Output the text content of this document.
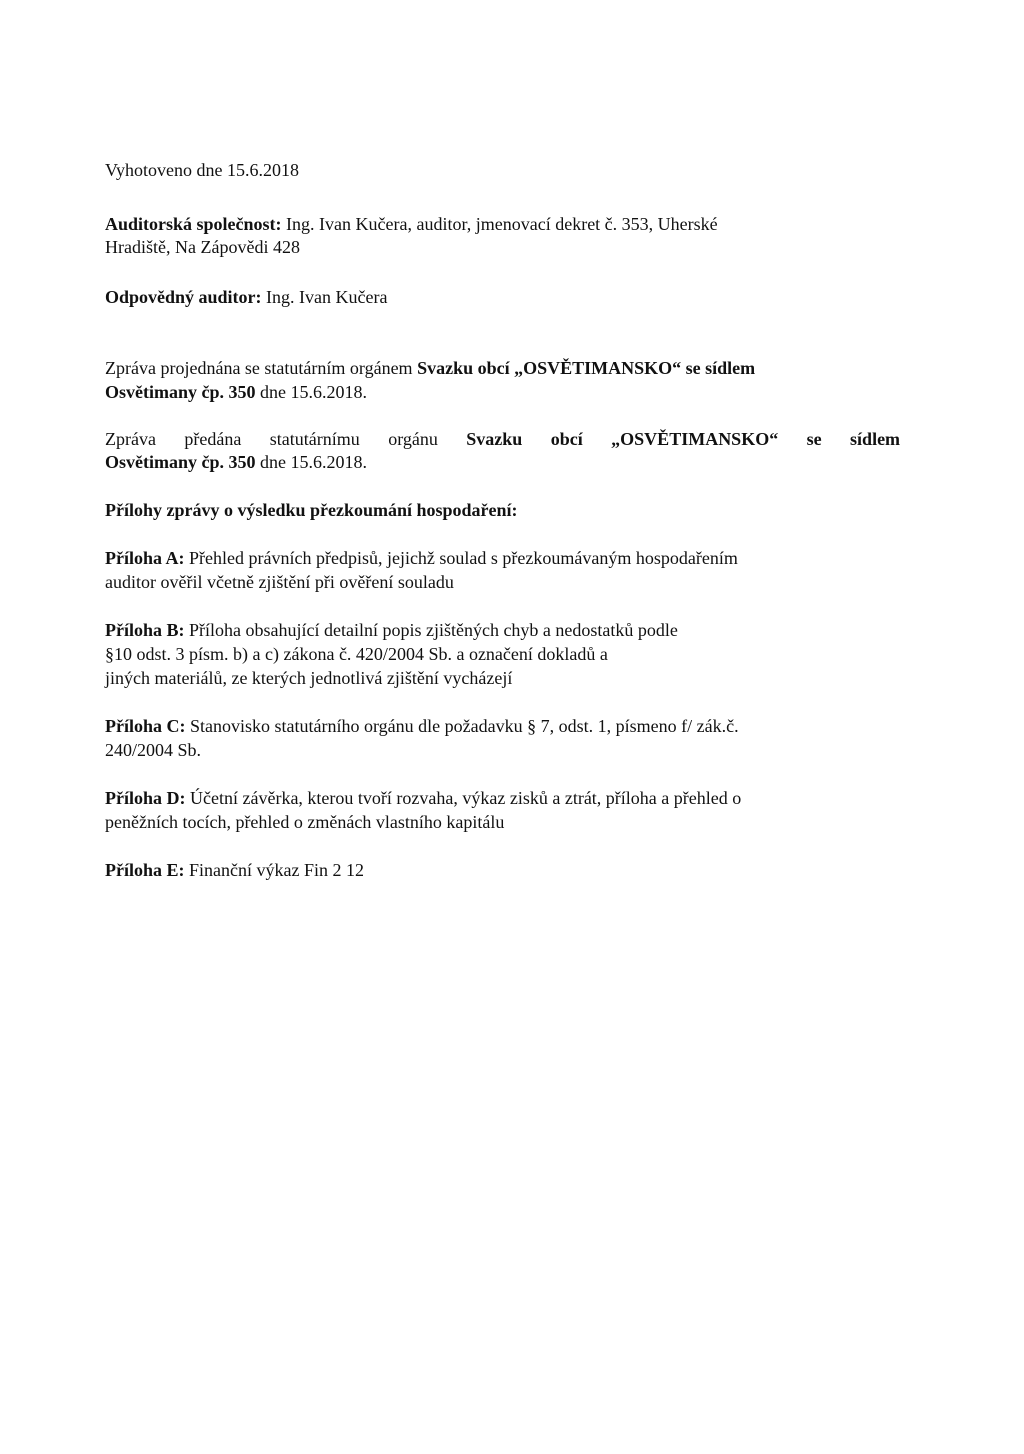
Vyhotoveno dne 15.6.2018
Auditorská společnost: Ing. Ivan Kučera, auditor, jmenovací dekret č. 353, Uherské
Hradiště, Na Zápovědi 428
Odpovědný auditor: Ing. Ivan Kučera
Zpráva projednána se statutárním orgánem Svazku obcí „OSVĚTIMANSKO“ se sídlem
Osvětimany čp. 350 dne 15.6.2018.
Zpráva předána statutárnímu orgánu Svazku obcí „OSVĚTIMANSKO“ se sídlem
Osvětimany čp. 350 dne 15.6.2018.
Přílohy zprávy o výsledku přezkoumání hospodaření:
Příloha A: Přehled právních předpisů, jejichž soulad s přezkoumávaným hospodařením
auditor ověřil včetně zjištění při ověření souladu
Příloha B: Příloha obsahující detailní popis zjištěných chyb a nedostatků podle
§10 odst. 3 písm. b) a c) zákona č. 420/2004 Sb. a označení dokladů a
jiných materiálů, ze kterých jednotlivá zjištění vycházejí
Příloha C: Stanovisko statutárního orgánu dle požadavku § 7, odst. 1, písmeno f/ zák.č.
240/2004 Sb.
Příloha D: Účetní závěrka, kterou tvoří rozvaha, výkaz zisků a ztrát, příloha a přehled o
peněžních tocích, přehled o změnách vlastního kapitálu
Příloha E: Finanční výkaz Fin 2 12
